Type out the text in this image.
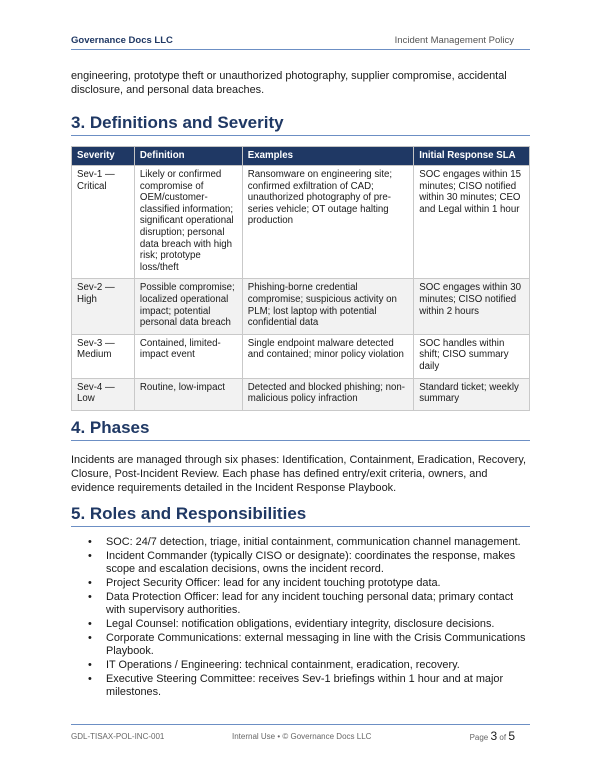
Governance Docs LLC	Incident Management Policy
engineering, prototype theft or unauthorized photography, supplier compromise, accidental disclosure, and personal data breaches.
3. Definitions and Severity
Severity	Definition	Examples	Initial Response SLA
Sev-1 — Critical	Likely or confirmed compromise of OEM/customer-classified information; significant operational disruption; personal data breach with high risk; prototype loss/theft	Ransomware on engineering site; confirmed exfiltration of CAD; unauthorized photography of pre-series vehicle; OT outage halting production	SOC engages within 15 minutes; CISO notified within 30 minutes; CEO and Legal within 1 hour
Sev-2 — High	Possible compromise; localized operational impact; potential personal data breach	Phishing-borne credential compromise; suspicious activity on PLM; lost laptop with potential confidential data	SOC engages within 30 minutes; CISO notified within 2 hours
Sev-3 — Medium	Contained, limited-impact event	Single endpoint malware detected and contained; minor policy violation	SOC handles within shift; CISO summary daily
Sev-4 — Low	Routine, low-impact	Detected and blocked phishing; non-malicious policy infraction	Standard ticket; weekly summary
4. Phases
Incidents are managed through six phases: Identification, Containment, Eradication, Recovery, Closure, Post-Incident Review. Each phase has defined entry/exit criteria, owners, and evidence requirements detailed in the Incident Response Playbook.
5. Roles and Responsibilities
• SOC: 24/7 detection, triage, initial containment, communication channel management.
• Incident Commander (typically CISO or designate): coordinates the response, makes scope and escalation decisions, owns the incident record.
• Project Security Officer: lead for any incident touching prototype data.
• Data Protection Officer: lead for any incident touching personal data; primary contact with supervisory authorities.
• Legal Counsel: notification obligations, evidentiary integrity, disclosure decisions.
• Corporate Communications: external messaging in line with the Crisis Communications Playbook.
• IT Operations / Engineering: technical containment, eradication, recovery.
• Executive Steering Committee: receives Sev-1 briefings within 1 hour and at major milestones.
GDL-TISAX-POL-INC-001	Internal Use • © Governance Docs LLC	Page 3 of 5
